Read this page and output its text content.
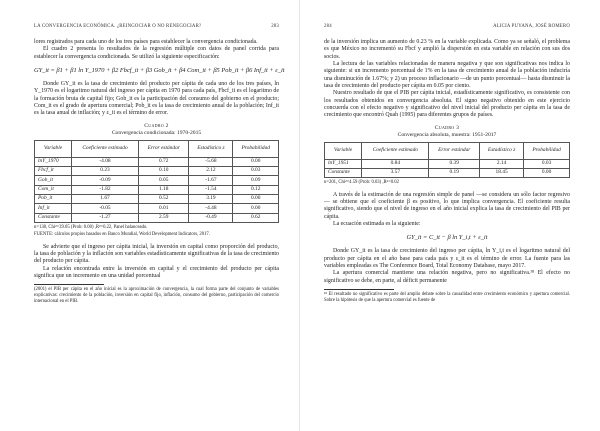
LA CONVERGENCIA ECONÓMICA. ¿REINGOCIAR O NO RENEGOCIAR?	283

lores registrados para cada uno de los tres países para establecer la convergencia condicionada.

El cuadro 2 presenta lo resultados de la regresión múltiple con datos de panel corrida para establecer la convergencia condicionada. Se utilizó la siguiente especificación:

GY_it = β1 + β1 ln Y_1970 + β2 Fbcf_it + β3 Gob_it + β4 Com_it + β5 Pob_it + β6 Inf_it + ε_it

Donde GY_it es la tasa de crecimiento del producto per cápita de cada uno de los tres países, ln Y_1970 es el logaritmo natural del ingreso per cápita en 1970 para cada país, Fbcf_it es el logaritmo de la formación bruta de capital fijo; Gob_it es la participación del consumo del gobierno en el producto; Com_it es el grado de apertura comercial; Pob_it es la tasa de crecimiento anual de la población; Inf_it es la tasa anual de inflación; y ε_it es el término de error.

Cuadro 2
Convergencia condicionada: 1970-2015
Variable	Coeficiente estimado	Error estándar	Estadístico z	Probabilidad
lnY_1970	-4.08	0.72	-5.68	0.00
Fbcf_it	0.23	0.10	2.12	0.03
Gob_it	-0.09	0.05	-1.67	0.09
Com_it	-1.82	1.18	-1.54	0.12
Pob_it	1.67	0.52	3.19	0.00
Inf_it	-0.05	0.01	-4.48	0.00
Constante	-1.27	2.59	-0.49	0.62
n=138, Chi²=39.05 (Prob: 0.00) ,R²=0.22, Panel balanceado.
FUENTE: cálculos propios basados en Banco Mundial, World Development Indicators, 2017.

Se advierte que el ingreso per cápita inicial, la inversión en capital como proporción del producto, la tasa de población y la inflación son variables estadísticamente significativas de la tasa de crecimiento del producto per cápita.

La relación encontrada entre la inversión en capital y el crecimiento del producto per cápita significa que un incremento en una unidad porcentual

(2001) el PIB per cápita en el año inicial es la aproximación de convergencia, la cual forma parte del conjunto de variables explicativas: crecimiento de la población, inversión en capital fijo, inflación, consumo del gobierno, participación del comercio internacional en el PIB.
284	ALICIA PUYANA, JOSÉ ROMERO

de la inversión implica un aumento de 0.23 % en la variable explicada. Como ya se señaló, el problema es que México no incrementó su Fbcf y amplió la dispersión en esta variable en relación con sus dos socios.

La lectura de las variables relacionadas de manera negativa y que son significativas nos indica lo siguiente: si un incremento porcentual de 1% en la tasa de crecimiento anual de la población induciría una disminución de 1.67%; y 2) un proceso inflacionario —de un punto porcentual— hasta disminuir la tasa de crecimiento del producto per cápita en 0.05 por ciento.

Nuestro resultado de que el PIB per cápita inicial, estadísticamente significativo, es consistente con los resultados obtenidos en convergencia absoluta. El signo negativo obtenido en este ejercicio concuerda con el efecto negativo y significativo del nivel inicial del producto per cápita en la tasa de crecimiento que encontró Quah (1995) para diferentes grupos de países.

Cuadro 3
Convergencia absoluta, muestra: 1951-2017
Variable	Coeficiente estimado	Error estándar	Estadístico z	Probabilidad
lnY_1951	0.84	0.39	2.14	0.03
Constante	3.57	0.19	18.45	0.00
n=201, Chi²=4.59 (Prob: 0.03) ,R²=0.02

A través de la estimación de una regresión simple de panel —se considera un sólo factor regresivo— se obtiene que el coeficiente β es positivo, lo que implica convergencia. El coeficiente resulta significativo, siendo que el nivel de ingreso en el año inicial explica la tasa de crecimiento del PIB per cápita.

La ecuación estimada es la siguiente:

GY_it = C_it − β ln Y_i,t + ε_it

Donde GY_it es la tasa de crecimiento del ingreso per cápita, ln Y_i,t es el logaritmo natural del producto per cápita en el año base para cada país y ε_it es el término de error. La fuente para las variables empleadas es The Conference Board, Total Economy Database, mayo 2017.

La apertura comercial mantiene una relación negativa, pero no significativa.¹⁸ El efecto no significativo se debe, en parte, al déficit permanente

¹⁸ El resultado no significativo es parte del amplio debate sobre la causalidad entre crecimiento económico y apertura comercial. Sobre la hipótesis de que la apertura comercial es fuente de
